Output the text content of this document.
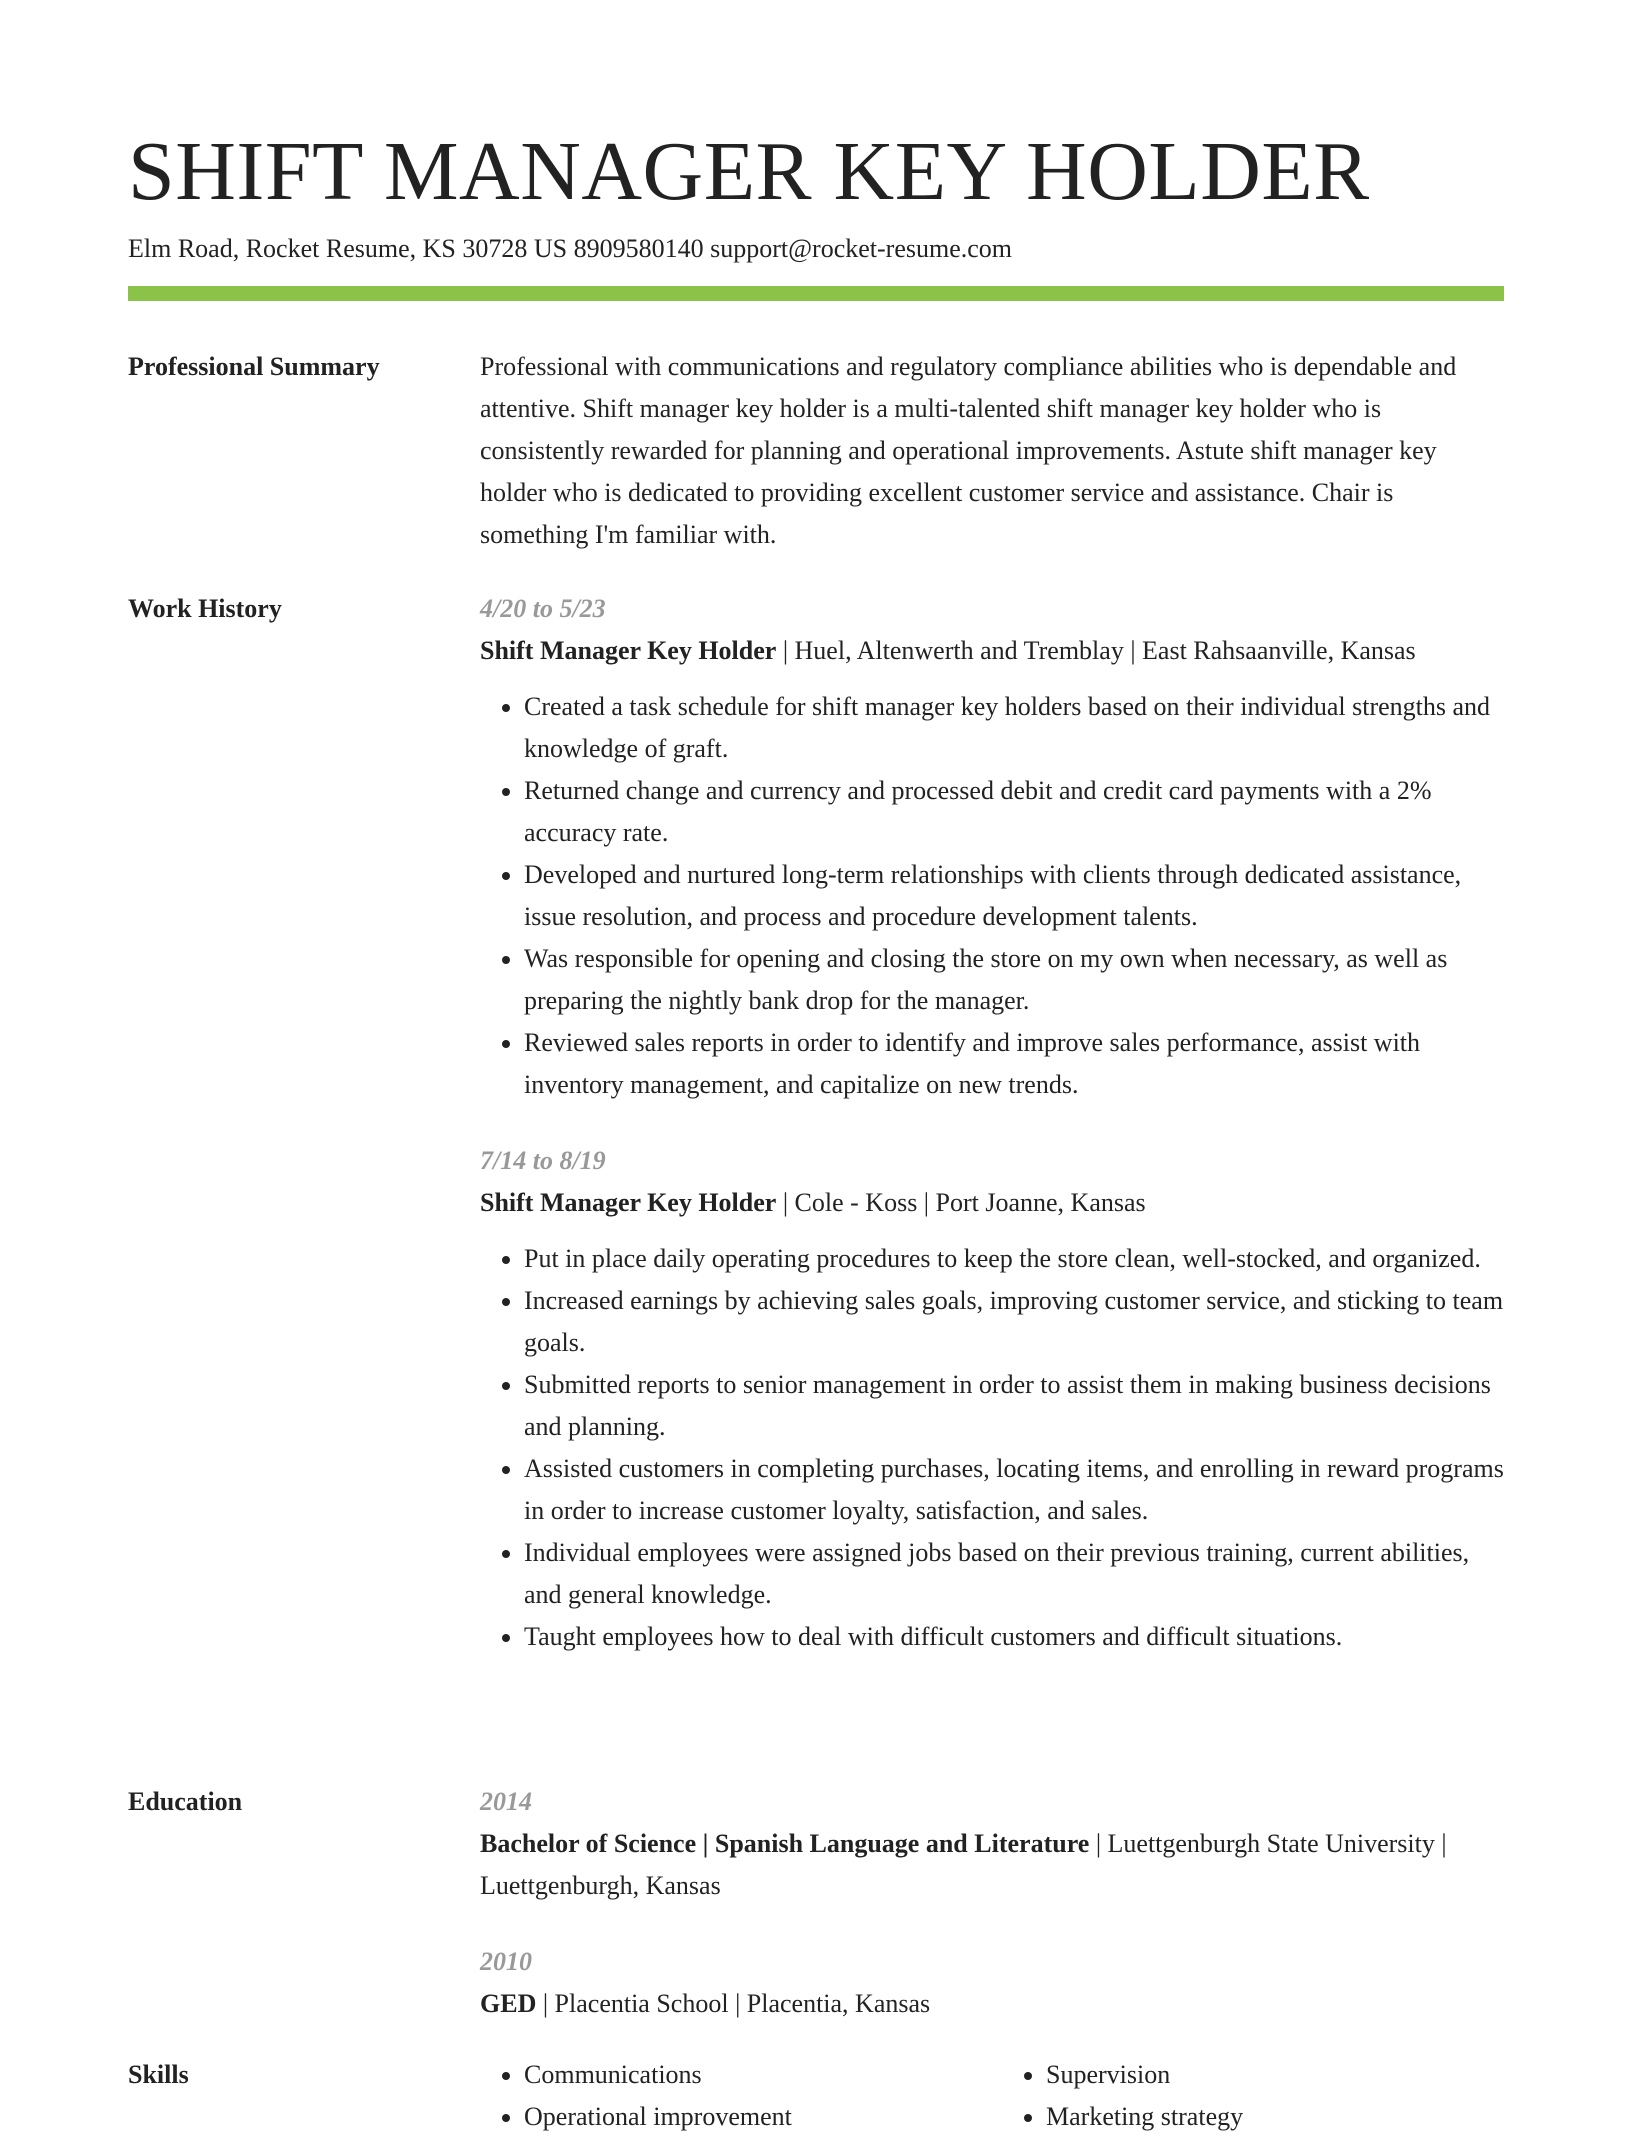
SHIFT MANAGER KEY HOLDER
Elm Road, Rocket Resume, KS 30728 US 8909580140 support@rocket-resume.com
Professional Summary	Professional with communications and regulatory compliance abilities who is dependable and attentive. Shift manager key holder is a multi-talented shift manager key holder who is consistently rewarded for planning and operational improvements. Astute shift manager key holder who is dedicated to providing excellent customer service and assistance. Chair is something I'm familiar with.

Work History	4/20 to 5/23
Shift Manager Key Holder | Huel, Altenwerth and Tremblay | East Rahsaanville, Kansas
• Created a task schedule for shift manager key holders based on their individual strengths and knowledge of graft.
• Returned change and currency and processed debit and credit card payments with a 2% accuracy rate.
• Developed and nurtured long-term relationships with clients through dedicated assistance, issue resolution, and process and procedure development talents.
• Was responsible for opening and closing the store on my own when necessary, as well as preparing the nightly bank drop for the manager.
• Reviewed sales reports in order to identify and improve sales performance, assist with inventory management, and capitalize on new trends.
7/14 to 8/19
Shift Manager Key Holder | Cole - Koss | Port Joanne, Kansas
• Put in place daily operating procedures to keep the store clean, well-stocked, and organized.
• Increased earnings by achieving sales goals, improving customer service, and sticking to team goals.
• Submitted reports to senior management in order to assist them in making business decisions and planning.
• Assisted customers in completing purchases, locating items, and enrolling in reward programs in order to increase customer loyalty, satisfaction, and sales.
• Individual employees were assigned jobs based on their previous training, current abilities, and general knowledge.
• Taught employees how to deal with difficult customers and difficult situations.
Education	2014
Bachelor of Science | Spanish Language and Literature | Luettgenburgh State University | Luettgenburgh, Kansas
2010
GED | Placentia School | Placentia, Kansas
Skills
•	Communications
• Operational improvement
• Supervision
• Marketing strategy
